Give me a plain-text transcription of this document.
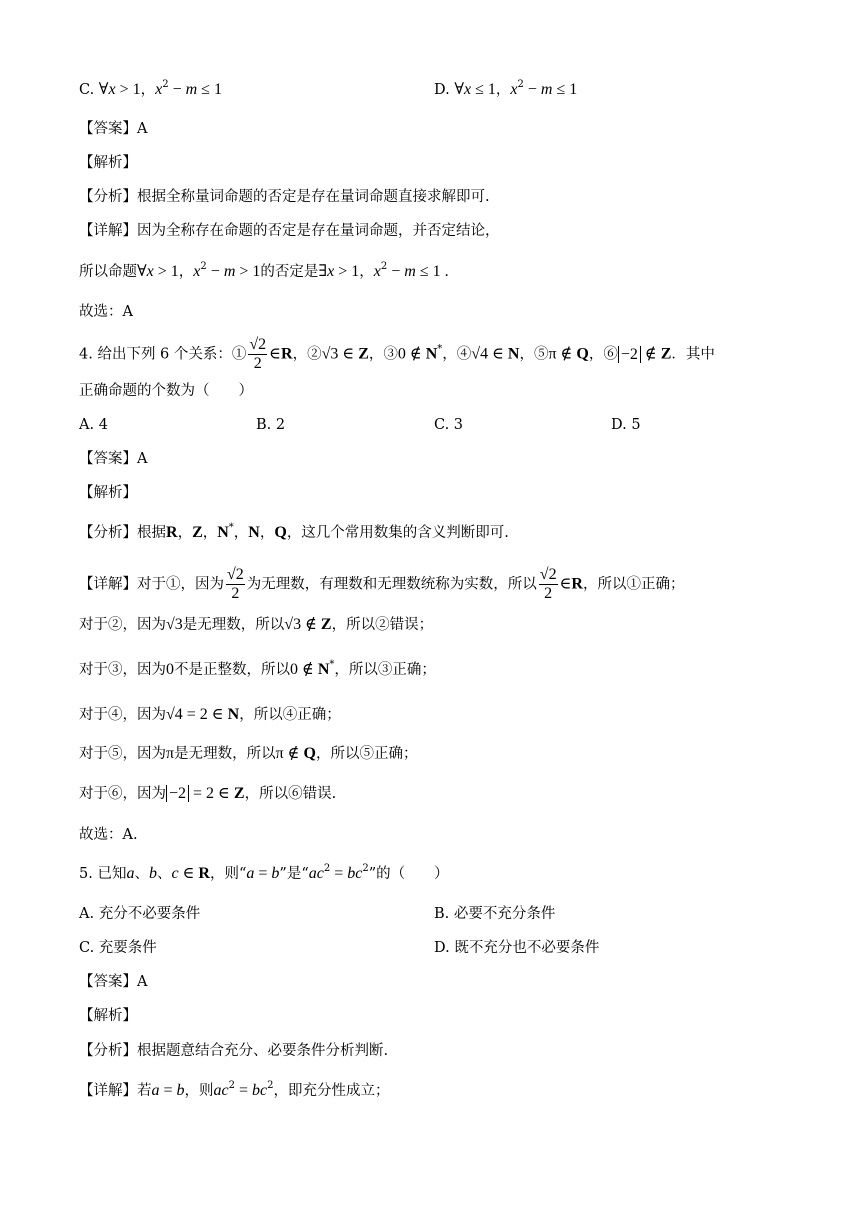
C. ∀x > 1，$x^2 - m \le 1$	D. ∀x ≤ 1，$x^2 - m \le 1$
【答案】A
【解析】
【分析】根据全称量词命题的否定是存在量词命题直接求解即可.
【详解】因为全称存在命题的否定是存在量词命题，并否定结论，
所以命题∀x > 1，$x^2 - m > 1$的否定是∃x > 1，$x^2 - m \le 1$ .
故选：A
4. 给出下列 6 个关系：① $\frac{√2}{2}$ ∈R，②√3 ∈ Z，③0 ∉ N*，④√4 ∈ N，⑤π ∉ Q，⑥ −2 ∉ Z．其中
正确命题的个数为（　　）
A. 4	B. 2	C. 3	D. 5
【答案】A
【解析】
【分析】根据R，Z，N*，N，Q，这几个常用数集的含义判断即可.
【详解】对于①，因为 $\frac{√2}{2}$ 为无理数，有理数和无理数统称为实数，所以 $\frac{√2}{2}$ ∈R，所以①正确；
对于②，因为√3是无理数，所以√3 ∉ Z，所以②错误；
对于③，因为0不是正整数，所以0 ∉ N*，所以③正确；
对于④，因为√4 = 2 ∈ N，所以④正确；
对于⑤，因为π是无理数，所以π ∉ Q，所以⑤正确；
对于⑥，因为 −2 = 2 ∈ Z，所以⑥错误.
故选：A.
5. 已知a、b、c ∈ R，则“a = b”是“$ac^2 = bc^2$”的（　　）
A. 充分不必要条件	B. 必要不充分条件
C. 充要条件	D. 既不充分也不必要条件
【答案】A
【解析】
【分析】根据题意结合充分、必要条件分析判断.
【详解】若a = b，则$ac^2 = bc^2$，即充分性成立；
